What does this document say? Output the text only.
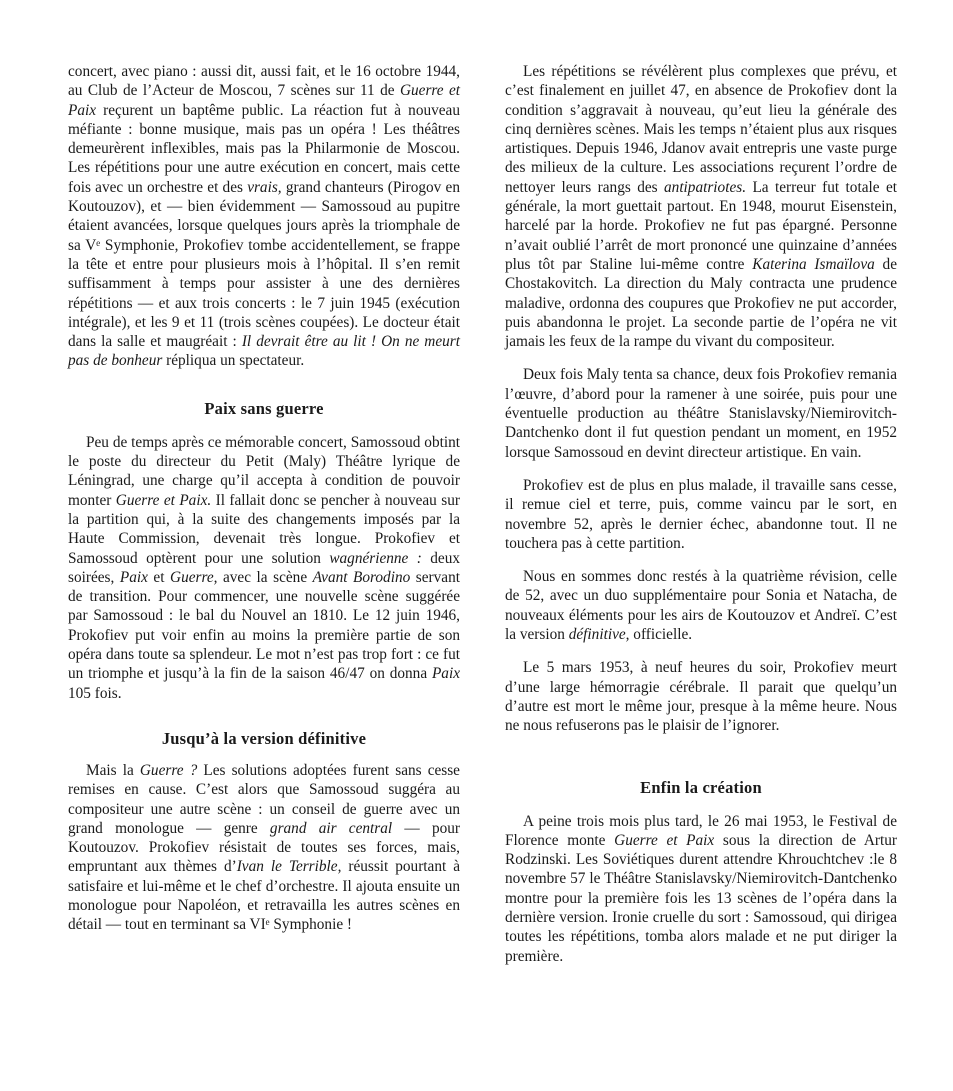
concert, avec piano : aussi dit, aussi fait, et le 16 octobre 1944, au Club de l’Acteur de Moscou, 7 scènes sur 11 de Guerre et Paix reçurent un baptême public. La réaction fut à nouveau méfiante : bonne musique, mais pas un opéra ! Les théâtres demeurèrent inflexibles, mais pas la Philarmonie de Moscou. Les répétitions pour une autre exécution en concert, mais cette fois avec un orchestre et des vrais, grand chanteurs (Pirogov en Koutouzov), et — bien évidemment — Samossoud au pupitre étaient avancées, lorsque quelques jours après la triomphale de sa Vᵉ Symphonie, Prokofiev tombe accidentellement, se frappe la tête et entre pour plusieurs mois à l’hôpital. Il s’en remit suffisamment à temps pour assister à une des dernières répétitions — et aux trois concerts : le 7 juin 1945 (exécution intégrale), et les 9 et 11 (trois scènes coupées). Le docteur était dans la salle et maugréait : Il devrait être au lit ! On ne meurt pas de bonheur répliqua un spectateur.

Paix sans guerre

Peu de temps après ce mémorable concert, Samossoud obtint le poste du directeur du Petit (Maly) Théâtre lyrique de Léningrad, une charge qu’il accepta à condition de pouvoir monter Guerre et Paix. Il fallait donc se pencher à nouveau sur la partition qui, à la suite des changements imposés par la Haute Commission, devenait très longue. Prokofiev et Samossoud optèrent pour une solution wagnérienne : deux soirées, Paix et Guerre, avec la scène Avant Borodino servant de transition. Pour commencer, une nouvelle scène suggérée par Samossoud : le bal du Nouvel an 1810. Le 12 juin 1946, Prokofiev put voir enfin au moins la première partie de son opéra dans toute sa splendeur. Le mot n’est pas trop fort : ce fut un triomphe et jusqu’à la fin de la saison 46/47 on donna Paix 105 fois.

Jusqu’à la version définitive

Mais la Guerre ? Les solutions adoptées furent sans cesse remises en cause. C’est alors que Samossoud suggéra au compositeur une autre scène : un conseil de guerre avec un grand monologue — genre grand air central — pour Koutouzov. Prokofiev résistait de toutes ses forces, mais, empruntant aux thèmes d’Ivan le Terrible, réussit pourtant à satisfaire et lui-même et le chef d’orchestre. Il ajouta ensuite un monologue pour Napoléon, et retravailla les autres scènes en détail — tout en terminant sa VIᵉ Symphonie !

Les répétitions se révélèrent plus complexes que prévu, et c’est finalement en juillet 47, en absence de Prokofiev dont la condition s’aggravait à nouveau, qu’eut lieu la générale des cinq dernières scènes. Mais les temps n’étaient plus aux risques artistiques. Depuis 1946, Jdanov avait entrepris une vaste purge des milieux de la culture. Les associations reçurent l’ordre de nettoyer leurs rangs des antipatriotes. La terreur fut totale et générale, la mort guettait partout. En 1948, mourut Eisenstein, harcelé par la horde. Prokofiev ne fut pas épargné. Personne n’avait oublié l’arrêt de mort prononcé une quinzaine d’années plus tôt par Staline lui-même contre Katerina Ismaïlova de Chostakovitch. La direction du Maly contracta une prudence maladive, ordonna des coupures que Prokofiev ne put accorder, puis abandonna le projet. La seconde partie de l’opéra ne vit jamais les feux de la rampe du vivant du compositeur.

Deux fois Maly tenta sa chance, deux fois Prokofiev remania l’œuvre, d’abord pour la ramener à une soirée, puis pour une éventuelle production au théâtre Stanislavsky/Niemirovitch-Dantchenko dont il fut question pendant un moment, en 1952 lorsque Samossoud en devint directeur artistique. En vain.

Prokofiev est de plus en plus malade, il travaille sans cesse, il remue ciel et terre, puis, comme vaincu par le sort, en novembre 52, après le dernier échec, abandonne tout. Il ne touchera pas à cette partition.

Nous en sommes donc restés à la quatrième révision, celle de 52, avec un duo supplémentaire pour Sonia et Natacha, de nouveaux éléments pour les airs de Koutouzov et Andreï. C’est la version définitive, officielle.

Le 5 mars 1953, à neuf heures du soir, Prokofiev meurt d’une large hémorragie cérébrale. Il parait que quelqu’un d’autre est mort le même jour, presque à la même heure. Nous ne nous refuserons pas le plaisir de l’ignorer.

Enfin la création

A peine trois mois plus tard, le 26 mai 1953, le Festival de Florence monte Guerre et Paix sous la direction de Artur Rodzinski. Les Soviétiques durent attendre Khrouchtchev :le 8 novembre 57 le Théâtre Stanislavsky/Niemirovitch-Dantchenko montre pour la première fois les 13 scènes de l’opéra dans la dernière version. Ironie cruelle du sort : Samossoud, qui dirigea toutes les répétitions, tomba alors malade et ne put diriger la première.
